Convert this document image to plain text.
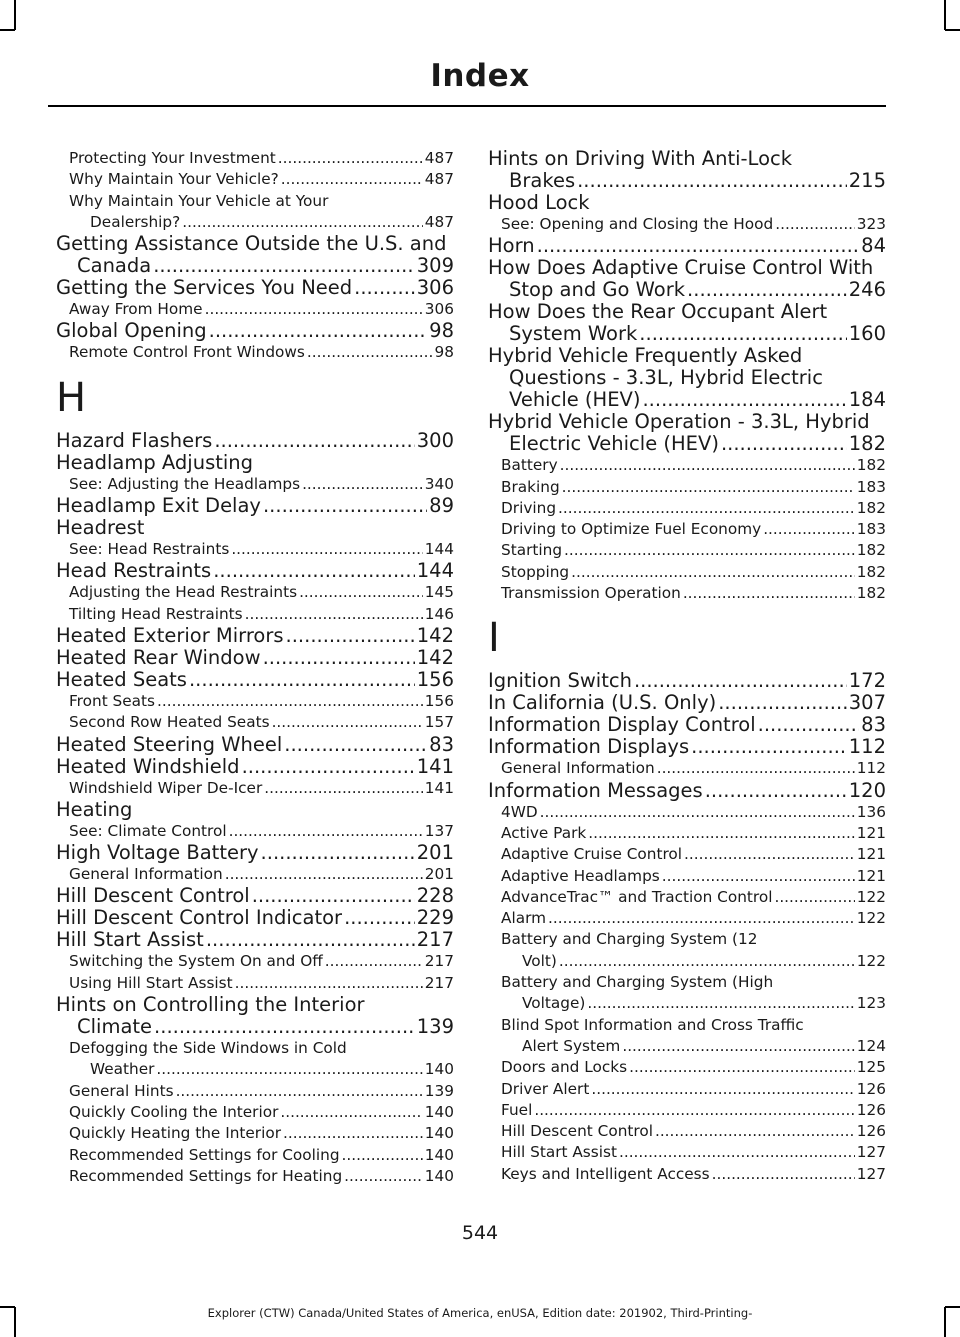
Index
Protecting Your Investment .....	487
Why Maintain Your Vehicle? .....	487
Why Maintain Your Vehicle at Your
Dealership? .....	487
Getting Assistance Outside the U.S. and
Canada .....	309
Getting the Services You Need .....	306
Away From Home .....	306
Global Opening .....	98
Remote Control Front Windows .....	98
H
Hazard Flashers .....	300
Headlamp Adjusting
See: Adjusting the Headlamps .....	340
Headlamp Exit Delay .....	89
Headrest
See: Head Restraints .....	144
Head Restraints .....	144
Adjusting the Head Restraints .....	145
Tilting Head Restraints .....	146
Heated Exterior Mirrors .....	142
Heated Rear Window .....	142
Heated Seats .....	156
Front Seats .....	156
Second Row Heated Seats .....	157
Heated Steering Wheel .....	83
Heated Windshield .....	141
Windshield Wiper De-Icer .....	141
Heating
See: Climate Control .....	137
High Voltage Battery .....	201
General Information .....	201
Hill Descent Control .....	228
Hill Descent Control Indicator .....	229
Hill Start Assist .....	217
Switching the System On and Off .....	217
Using Hill Start Assist .....	217
Hints on Controlling the Interior
Climate .....	139
Defogging the Side Windows in Cold
Weather .....	140
General Hints .....	139
Quickly Cooling the Interior .....	140
Quickly Heating the Interior .....	140
Recommended Settings for Cooling .....	140
Recommended Settings for Heating .....	140
Hints on Driving With Anti-Lock
Brakes .....	215
Hood Lock
See: Opening and Closing the Hood .....	323
Horn .....	84
How Does Adaptive Cruise Control With
Stop and Go Work .....	246
How Does the Rear Occupant Alert
System Work .....	160
Hybrid Vehicle Frequently Asked
Questions - 3.3L, Hybrid Electric
Vehicle (HEV) .....	184
Hybrid Vehicle Operation - 3.3L, Hybrid
Electric Vehicle (HEV) .....	182
Battery .....	182
Braking .....	183
Driving .....	182
Driving to Optimize Fuel Economy .....	183
Starting .....	182
Stopping .....	182
Transmission Operation .....	182
I
Ignition Switch .....	172
In California (U.S. Only) .....	307
Information Display Control .....	83
Information Displays .....	112
General Information .....	112
Information Messages .....	120
4WD .....	136
Active Park .....	121
Adaptive Cruise Control .....	121
Adaptive Headlamps .....	121
AdvanceTrac™ and Traction Control .....	122
Alarm .....	122
Battery and Charging System (12
Volt) .....	122
Battery and Charging System (High
Voltage) .....	123
Blind Spot Information and Cross Traffic
Alert System .....	124
Doors and Locks .....	125
Driver Alert .....	126
Fuel .....	126
Hill Descent Control .....	126
Hill Start Assist .....	127
Keys and Intelligent Access .....	127
544
Explorer (CTW) Canada/United States of America, enUSA, Edition date: 201902, Third-Printing-
